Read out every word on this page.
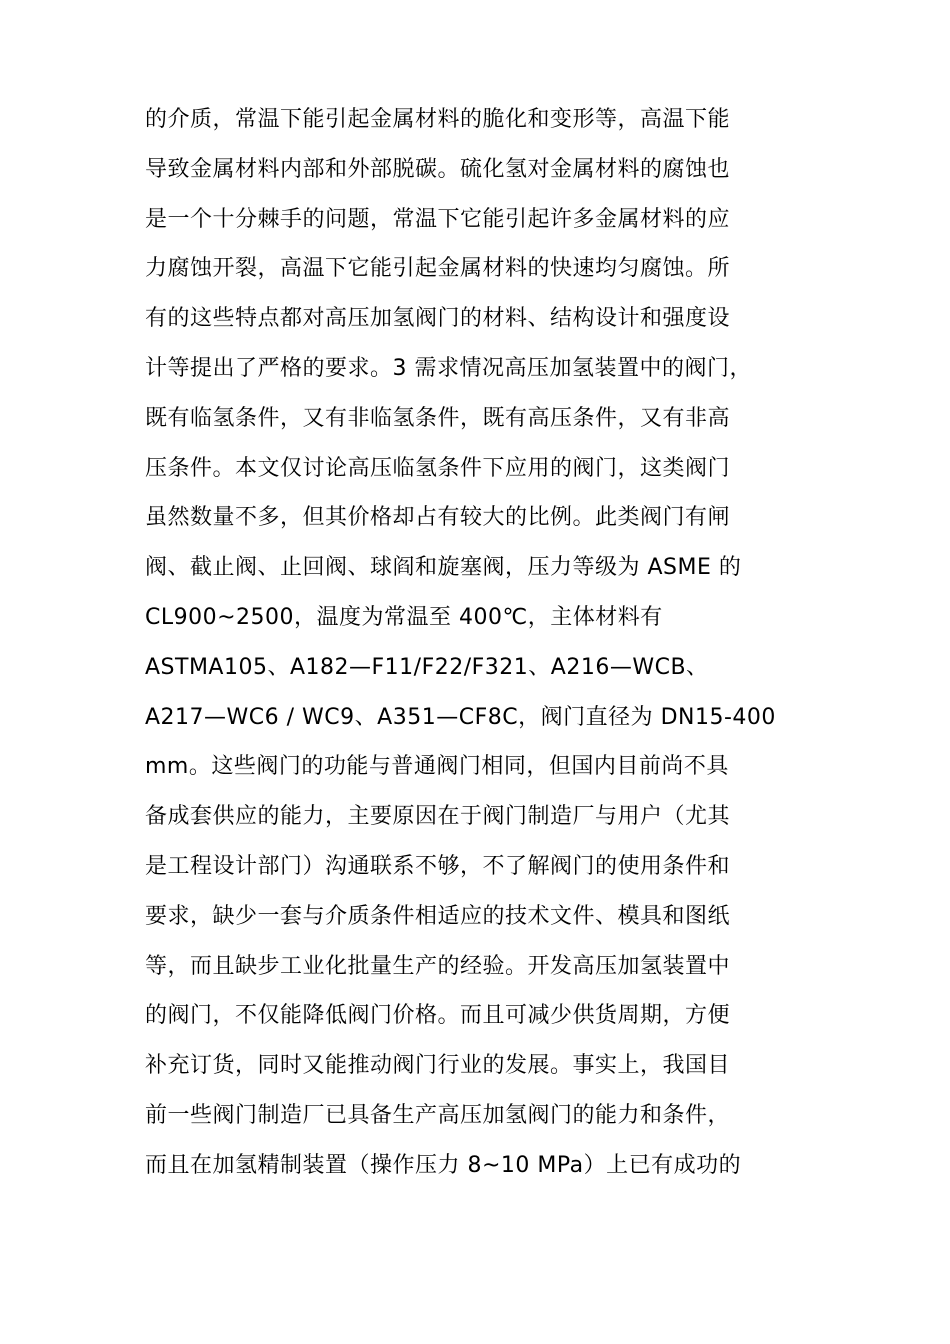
的介质，常温下能引起金属材料的脆化和变形等，高温下能
导致金属材料内部和外部脱碳。硫化氢对金属材料的腐蚀也
是一个十分棘手的问题，常温下它能引起许多金属材料的应
力腐蚀开裂，高温下它能引起金属材料的快速均匀腐蚀。所
有的这些特点都对高压加氢阀门的材料、结构设计和强度设
计等提出了严格的要求。3 需求情况高压加氢装置中的阀门，
既有临氢条件，又有非临氢条件，既有高压条件，又有非高
压条件。本文仅讨论高压临氢条件下应用的阀门，这类阀门
虽然数量不多，但其价格却占有较大的比例。此类阀门有闸
阀、截止阀、止回阀、球阎和旋塞阀，压力等级为 ASME 的
CL900~2500，温度为常温至 400℃，主体材料有
ASTMA105、A182—F11/F22/F321、A216—WCB、
A217—WC6 / WC9、A351—CF8C，阀门直径为 DN15-400
mm。这些阀门的功能与普通阀门相同，但国内目前尚不具
备成套供应的能力，主要原因在于阀门制造厂与用户（尤其
是工程设计部门）沟通联系不够，不了解阀门的使用条件和
要求，缺少一套与介质条件相适应的技术文件、模具和图纸
等，而且缺步工业化批量生产的经验。开发高压加氢装置中
的阀门，不仅能降低阀门价格。而且可减少供货周期，方便
补充订货，同时又能推动阀门行业的发展。事实上，我国目
前一些阀门制造厂已具备生产高压加氢阀门的能力和条件，
而且在加氢精制装置（操作压力 8~10 MPa）上已有成功的
